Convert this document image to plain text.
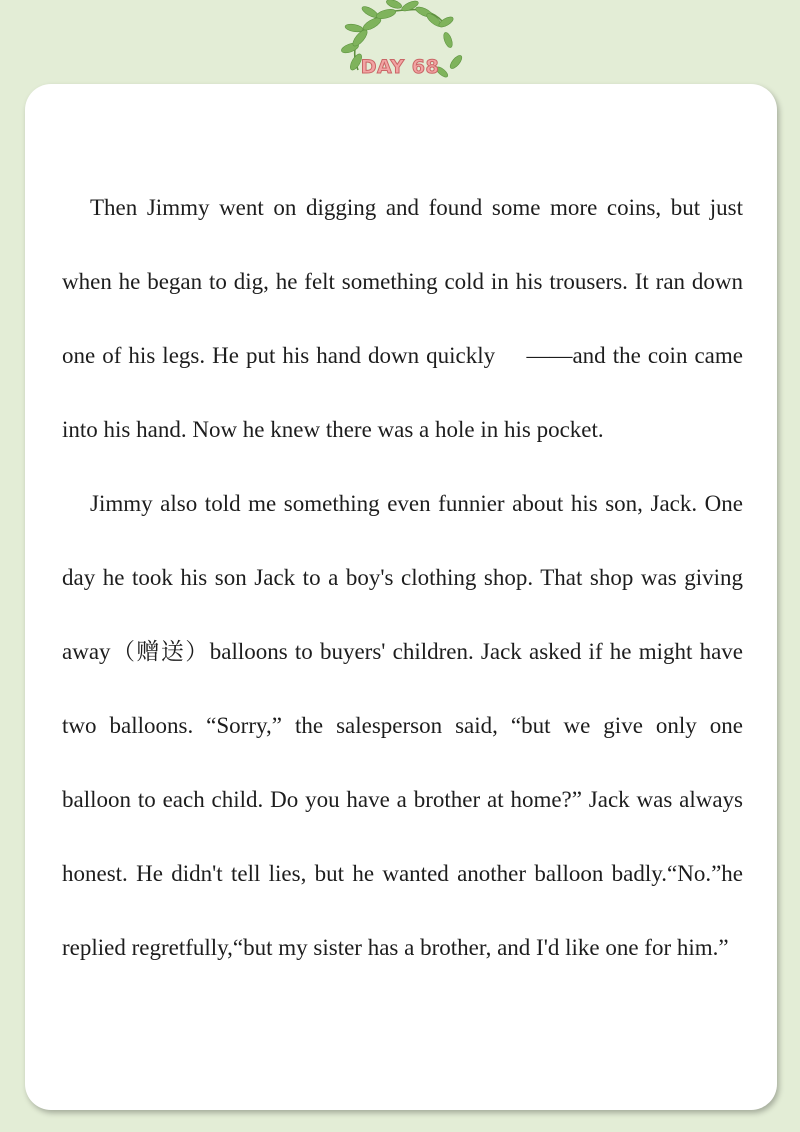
DAY 68

Then Jimmy went on digging and found some more coins, but just when he began to dig, he felt something cold in his trousers. It ran down one of his legs. He put his hand down quickly 　——and the coin came into his hand. Now he knew there was a hole in his pocket.

Jimmy also told me something even funnier about his son, Jack. One day he took his son Jack to a boy's clothing shop. That shop was giving away（赠送）balloons to buyers' children. Jack asked if he might have two balloons. “Sorry,” the salesperson said, “but we give only one balloon to each child. Do you have a brother at home?” Jack was always honest. He didn't tell lies, but he wanted another balloon badly.“No.”he replied regretfully,“but my sister has a brother, and I'd like one for him.”
